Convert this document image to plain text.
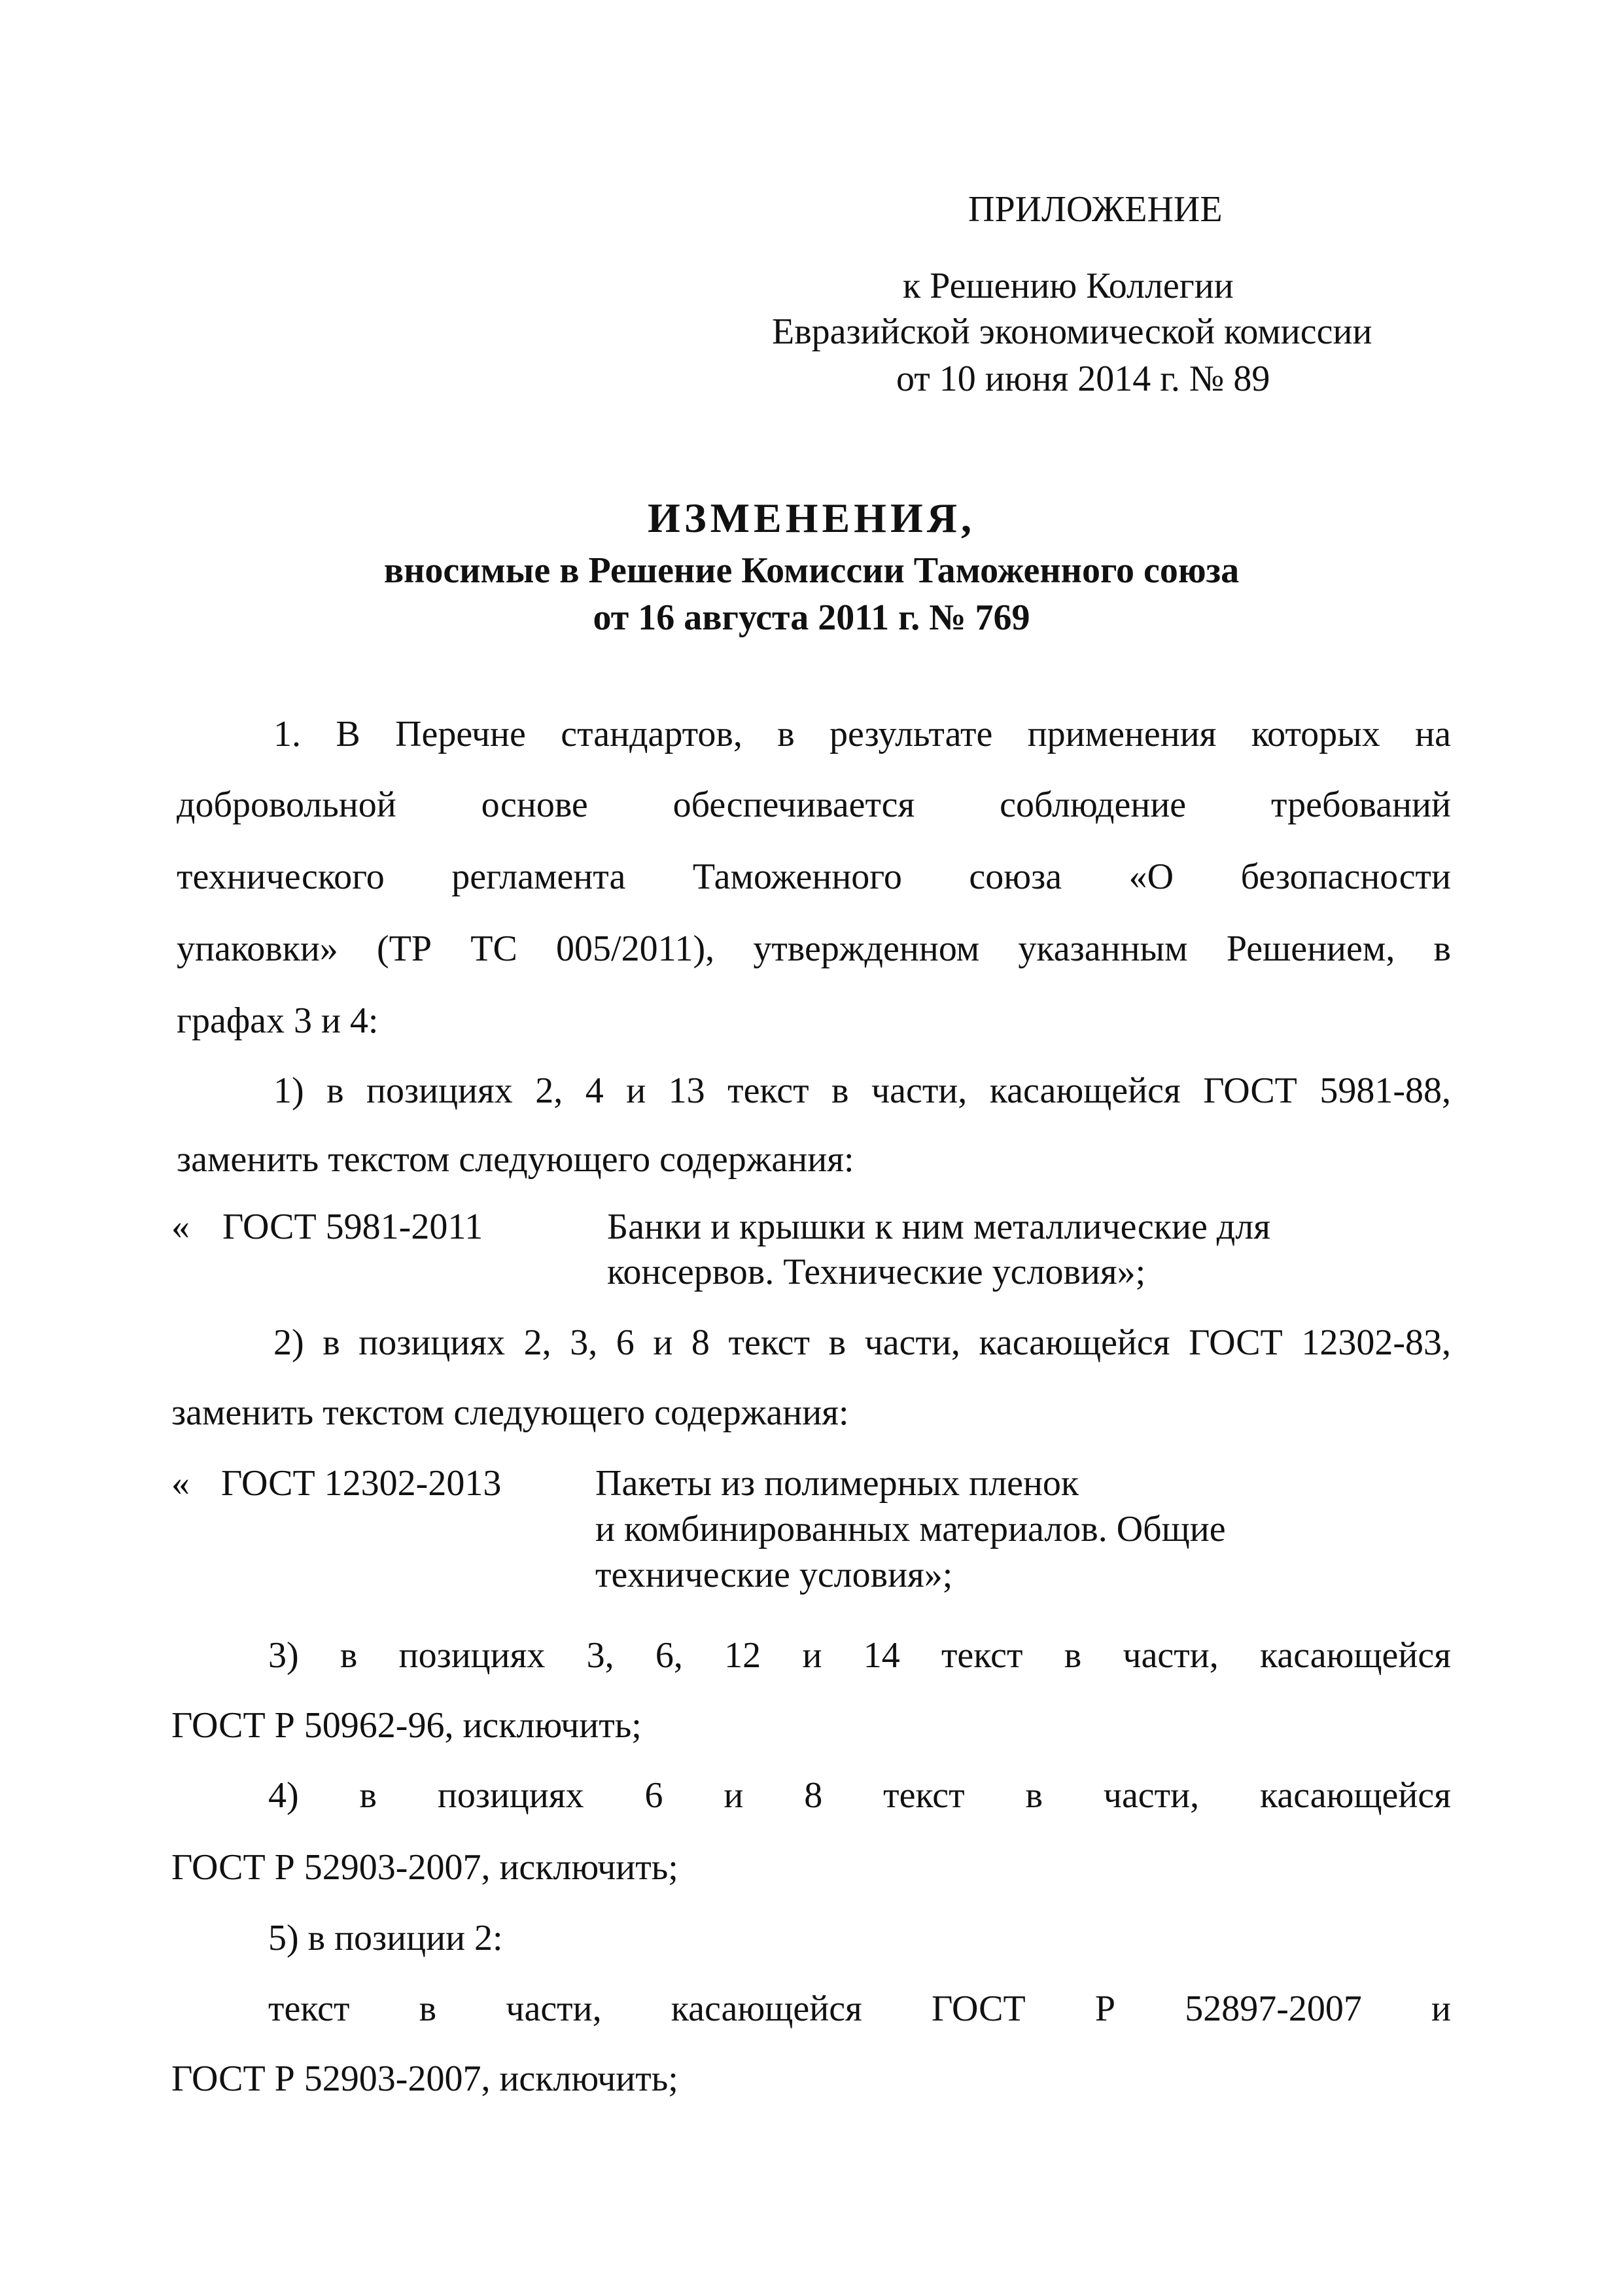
ПРИЛОЖЕНИЕ
к Решению Коллегии
Евразийской экономической комиссии
от 10 июня 2014 г. № 89
ИЗМЕНЕНИЯ,
вносимые в Решение Комиссии Таможенного союза
от 16 августа 2011 г. № 769
1. В Перечне стандартов, в результате применения которых на
добровольной основе обеспечивается соблюдение требований
технического регламента Таможенного союза «О безопасности
упаковки» (ТР ТС 005/2011), утвержденном указанным Решением, в
графах 3 и 4:
1) в позициях 2, 4 и 13 текст в части, касающейся ГОСТ 5981-88,
заменить текстом следующего содержания:
« ГОСТ 5981-2011	Банки и крышки к ним металлические для
консервов. Технические условия»;
2) в позициях 2, 3, 6 и 8 текст в части, касающейся ГОСТ 12302-83,
заменить текстом следующего содержания:
« ГОСТ 12302-2013	Пакеты из полимерных пленок
и комбинированных материалов. Общие
технические условия»;
3) в позициях 3, 6, 12 и 14 текст в части, касающейся
ГОСТ Р 50962-96, исключить;
4) в позициях 6 и 8 текст в части, касающейся
ГОСТ Р 52903-2007, исключить;
5) в позиции 2:
текст в части, касающейся ГОСТ Р 52897-2007 и
ГОСТ Р 52903-2007, исключить;
